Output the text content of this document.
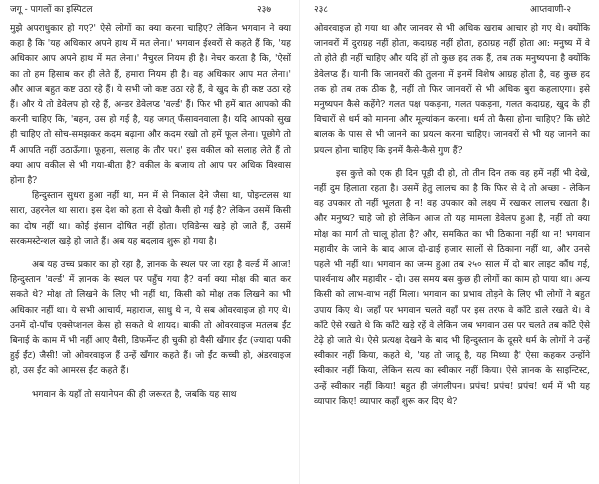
जगू - पागलों का इस्पिटल	२३७

मुझे अपराधुकार हो गए?' ऐसे लोगों का क्या करना चाहिए? लेकिन भगवान ने क्या कहा है कि 'यह अधिकार अपने हाथ में मत लेना।' भगवान ईश्वरों से कहते हैं कि, 'यह अधिकार आप अपने हाथ में मत लेना।' नैचुरल नियम ही है। नेचर करता है कि, 'ऐसों का तो हम हिसाब कर ही लेते हैं, हमारा नियम ही है। वह अधिकार आप मत लेना।' और आज बहुत कष्ट उठा रहे हैं। ये सभी जो कष्ट उठा रहे हैं, वे खुद के ही कष्ट उठा रहे हैं। और ये तो डेवेलप हो रहे हैं, अन्डर डेवेलप्ड 'वर्ल्ड' हैं। फिर भी हमें बात आपको की करनी चाहिए कि, 'बहन, उस हो गई है, यह जगत् फँसावनवाला है। यदि आपको सुख ही चाहिए तो सोच-समझकर कदम बढ़ाना और कदम रखो तो हमें फूल लेना। पूछोगे तो मैं आपति नहीं उठाऊँगा। फूहना, सलाह के तौर पर।' इस वकील को सलाह लेते हैं तो क्या आप वकील से भी गया-बीता है? वकील के बजाय तो आप पर अधिक विश्वास होना है?

हिन्दुस्तान सुधरा हुआ नहीं था, मन में से निकाल देने जैसा था, पोइन्टलस था सारा, उहरनेल था सारा। इस देश को हता से देखो कैसी हो गई है? लेकिन उसमें किसी का दोष नहीं था। कोई इंसान दोषित नहीं होता। एविडेन्स खड़े हो जाते हैं, उसमें सरकमस्टेन्शल खड़े हो जाते हैं। अब यह बदलाव शुरू हो गया है।

अब यह उच्च प्रकार का हो रहा है, ज्ञानक के स्थल पर जा रहा है वर्ल्ड में आज! हिन्दुस्तान 'वर्ल्ड' में ज्ञानक के स्थल पर पहुँच गया है? वर्ना क्या मोक्ष की बात कर सकते थे? मोक्ष तो लिखने के लिए भी नहीं था, किसी को मोक्ष तक लिखने का भी अधिकार नहीं था। ये सभी आचार्य, महाराज, साधु थे न, ये सब ओवरवाइज हो गए थे। उनमें दो-पाँच एक्सेप्शनल केस हो सकते थे शायद। बाकी तो ओवरवाइज मतलब ईंट बिनाई के काम में भी नहीं आए वैसी, डिफर्मेन्ट ही चुकी हो वैसी खँगार ईंट (ज्यादा पकी हुई ईंट) जैसी! जो ओवरवाइज हैं उन्हें खँगार कहते हैं। जो ईंट कच्ची हो, अंडरवाइज हो, उस ईंट को आमरस ईंट कहते हैं।

भगवान के यहाँ तो सयानेपन की ही जरूरत है, जबकि यह साथ

२३८	आप्तवाणी-२

ओवरवाइज हो गया था और जानवर से भी अधिक खराब आचार हो गए थे। क्योंकि जानवरों में दुराग्रह नहीं होता, कदाग्रह नहीं होता, हठाग्रह नहीं होता आ: मनुष्य में वे तो होते ही नहीं चाहिए और यदि हों तो कुछ हद तक हैं, तब तक मनुष्यपना है क्योंकि डेवेलप्ड हैं। यानी कि जानवरों की तुलना में इनमें विशेष आग्रह होता है, वह कुछ हद तक हो तब तक ठीक है, नहीं तो फिर जानवरों से भी अधिक बुरा कहलाएगा। इसे मनुष्यपन कैसे कहेंगे? गलत पक्ष पकड़ना, गलत पकड़ना, गलत कदाग्रह, खुद के ही विचारों से धर्म को मानना और मूल्यांकन करना। धर्म तो कैसा होना चाहिए? कि छोटे बालक के पास से भी जानने का प्रयत्न करना चाहिए। जानवरों से भी यह जानने का प्रयत्न होना चाहिए कि इनमें कैसे-कैसे गुण हैं?

इस कुत्ते को एक ही दिन पूड़ी दी हो, तो तीन दिन तक वह हमें नहीं भी देखे, नहीं दुम हिलाता रहता है। उसमें हेतु लालच का है कि फिर से दे तो अच्छा - लेकिन वह उपकार तो नहीं भूलता है न! वह उपकार को लक्ष्य में रखकर लालच रखता है। और मनुष्य? चाहे जो हो लेकिन आज तो यह मामला डेवेलप हुआ है, नहीं तो क्या मोक्ष का मार्ग तो चालू होता है? और, समकित का भी ठिकाना नहीं था न! भगवान महावीर के जाने के बाद आज दो-ढाई हजार सालों से ठिकाना नहीं था, और उनसे पहले भी नहीं था। भगवान का जन्म हुआ तब २५० साल में दो बार लाइट कौंध गई, पार्श्वनाथ और महावीर - दो। उस समय बस कुछ ही लोगों का काम हो पाया था। अन्य किसी को लाभ-वाभ नहीं मिला। भगवान का प्रभाव तोड़ने के लिए भी लोगों ने बहुत उपाय किए थे। जहाँ पर भगवान चलते वहाँ पर इस तरफ वे काँटे डाले रखते थे। वे काँटे ऐसे रखते थे कि काँटे खड़े रहें वे लेकिन जब भगवान उस पर चलते तब काँटे ऐसे टेढ़े हो जाते थे। ऐसे प्रत्यक्ष देखने के बाद भी हिन्दुस्तान के दूसरे धर्म के लोगों ने उन्हें स्वीकार नहीं किया, कहते थे, 'यह तो जादू है, यह मिथ्या है' ऐसा कहकर उन्होंने स्वीकार नहीं किया, लेकिन सत्य का स्वीकार नहीं किया। ऐसे ज्ञानक के साइन्टिस्ट, उन्हें स्वीकार नहीं किया! बहुत ही जंगलीपन। प्रपंच! प्रपंच! प्रपंच! धर्म में भी यह व्यापार किए! व्यापार कहाँ शुरू कर दिए थे?
